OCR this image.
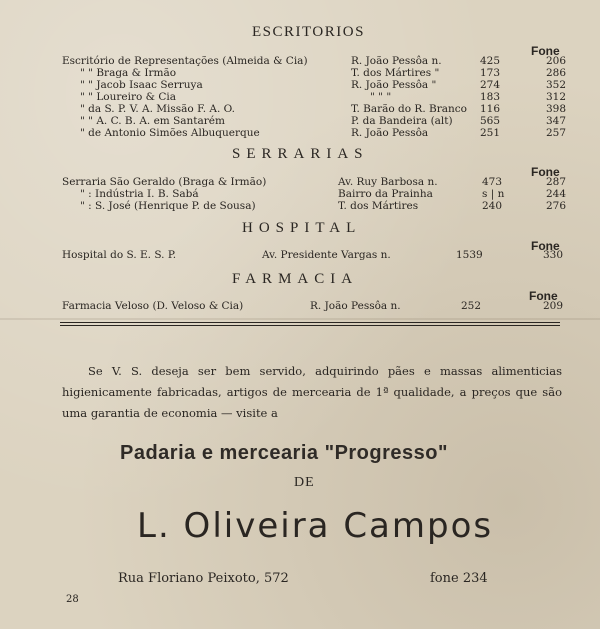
ESCRITORIOS
Fone
Escritório de Representações (Almeida & Cia)	R. João Pessôa n.	425	206
" " Braga & Irmão	T. dos Mártires "	173	286
" " Jacob Isaac Serruya	R. João Pessôa "	274	352
" " Loureiro & Cia	" " "	183	312
" da S. P. V. A. Missão F. A. O.	T. Barão do R. Branco 116	398
" " A. C. B. A. em Santarém	P. da Bandeira (alt)	565	347
" de Antonio Simões Albuquerque	R. João Pessôa	251	257
SERRARIAS
Fone
Serraria São Geraldo (Braga & Irmão)	Av. Ruy Barbosa n.	473	287
" : Indústria I. B. Sabá	Bairro da Prainha	s | n	244
" : S. José (Henrique P. de Sousa)	T. dos Mártires	240	276
HOSPITAL
Fone
Hospital do S. E. S. P.	Av. Presidente Vargas n.	1539	330
FARMACIA
Fone
Farmacia Veloso (D. Veloso & Cia)	R. João Pessôa n.	252	209
Se V. S. deseja ser bem servido, adquirindo pães e massas alimenticias higienicamente fabricadas, artigos de mercearia de 1ª qualidade, a preços que são uma garantia de economia — visite a
Padaria e mercearia "Progresso"
DE
L. Oliveira Campos
Rua Floriano Peixoto, 572	fone 234
28
